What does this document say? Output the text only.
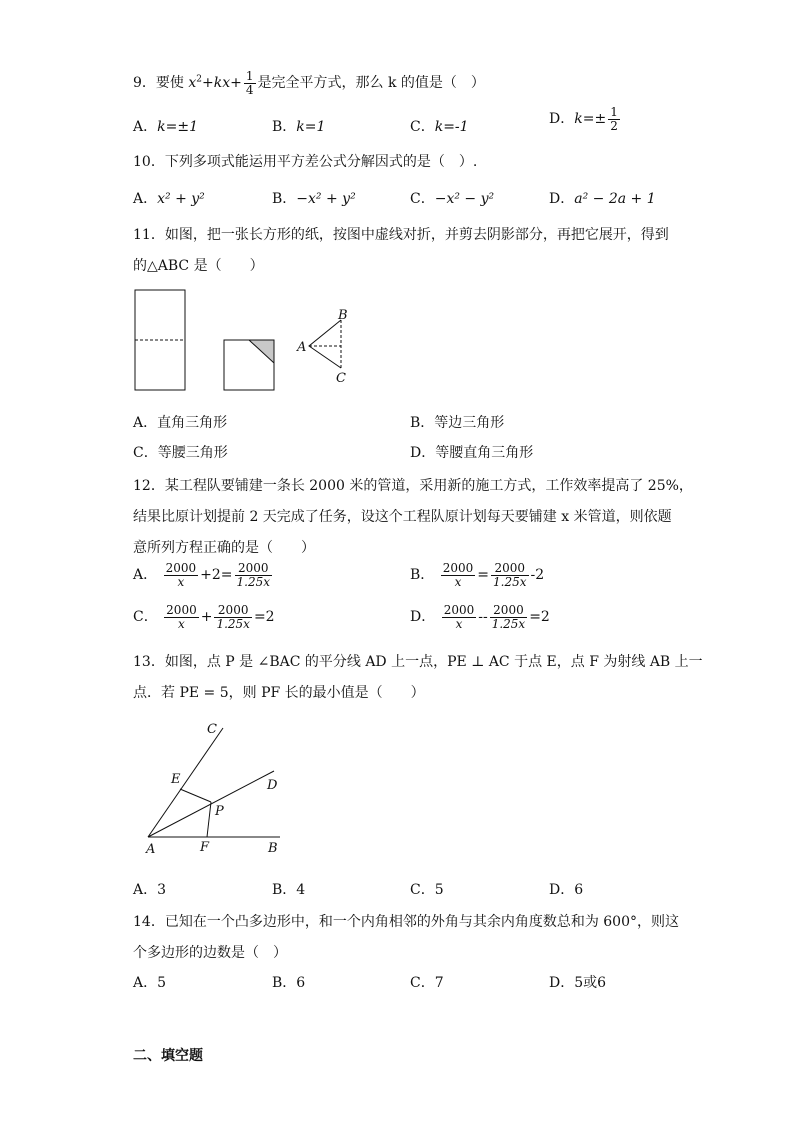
9．要使 $x^2+kx+ \frac{1}{4}$ 是完全平方式，那么 k 的值是（　）
A．k=±1	B．k=1	C．k=-1	D．$k=\pm \frac{1}{2}$
10．下列多项式能运用平方差公式分解因式的是（　）.
A．x² + y²	B．−x² + y²	C．−x² − y²	D．a² − 2a + 1
11．如图，把一张长方形的纸，按图中虚线对折，并剪去阴影部分，再把它展开，得到
的△ABC 是（　　）
A
B
C
A．直角三角形	B．等边三角形
C．等腰三角形	D．等腰直角三角形
12．某工程队要铺建一条长 2000 米的管道，采用新的施工方式，工作效率提高了 25%，
结果比原计划提前 2 天完成了任务，设这个工程队原计划每天要铺建 x 米管道，则依题
意所列方程正确的是（　　）
A． $\frac{2000}{x} +2= \frac{2000}{1.25x}$	B． $\frac{2000}{x} = \frac{2000}{1.25x} -2$
C． $\frac{2000}{x} + \frac{2000}{1.25x} =2$	D． $\frac{2000}{x} -- \frac{2000}{1.25x} =2$
13．如图，点 P 是 ∠BAC 的平分线 AD 上一点，PE ⊥ AC 于点 E，点 F 为射线 AB 上一
点．若 PE = 5，则 PF 长的最小值是（　　）
C
E	D
P
A	F	B
A．3	B．4	C．5	D．6
14．已知在一个凸多边形中，和一个内角相邻的外角与其余内角度数总和为 600°，则这
个多边形的边数是（　）
A．5	B．6	C．7	D．5或6
二、填空题
